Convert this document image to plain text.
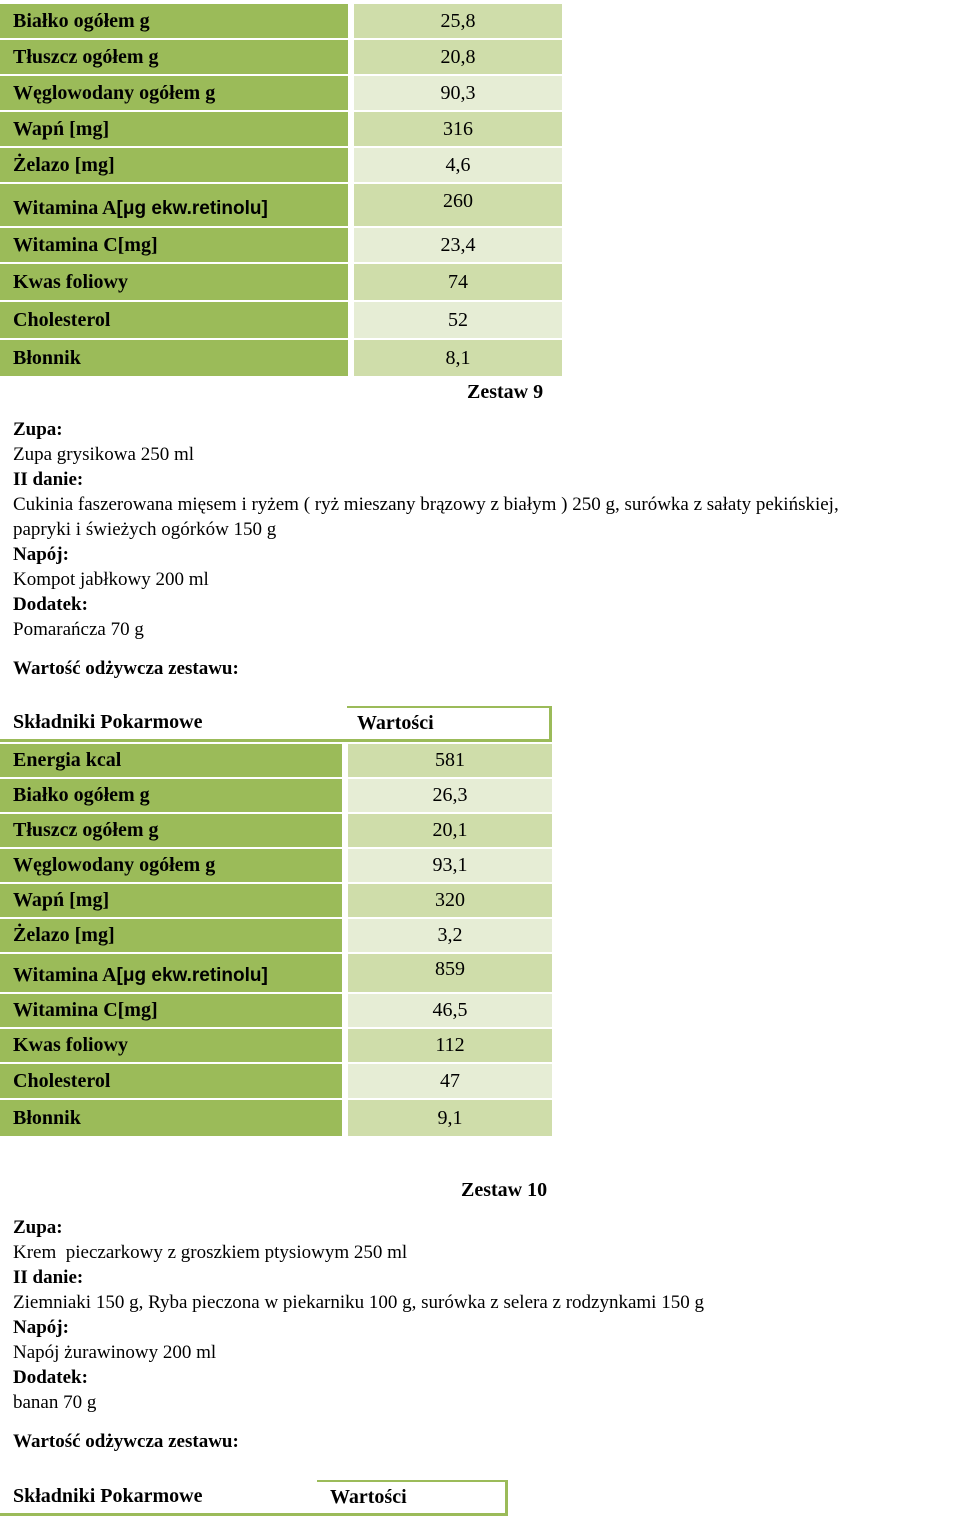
Białko ogółem g	25,8
Tłuszcz ogółem g	20,8
Węglowodany ogółem g	90,3
Wapń [mg]	316
Żelazo [mg]	4,6
Witamina A [μg ekw.retinolu]	260
Witamina C[mg]	23,4
Kwas foliowy	74
Cholesterol	52
Błonnik	8,1
Zestaw 9
Zupa:
Zupa grysikowa 250 ml
II danie:
Cukinia faszerowana mięsem i ryżem ( ryż mieszany brązowy z białym ) 250 g, surówka z sałaty pekińskiej,
papryki i świeżych ogórków 150 g
Napój:
Kompot jabłkowy 200 ml
Dodatek:
Pomarańcza 70 g
Wartość odżywcza zestawu:
Składniki Pokarmowe	Wartości
Energia kcal	581
Białko ogółem g	26,3
Tłuszcz ogółem g	20,1
Węglowodany ogółem g	93,1
Wapń [mg]	320
Żelazo [mg]	3,2
Witamina A [μg ekw.retinolu]	859
Witamina C[mg]	46,5
Kwas foliowy	112
Cholesterol	47
Błonnik	9,1
Zestaw 10
Zupa:
Krem  pieczarkowy z groszkiem ptysiowym 250 ml
II danie:
Ziemniaki 150 g, Ryba pieczona w piekarniku 100 g, surówka z selera z rodzynkami 150 g
Napój:
Napój żurawinowy 200 ml
Dodatek:
banan 70 g
Wartość odżywcza zestawu:
Składniki Pokarmowe	Wartości
